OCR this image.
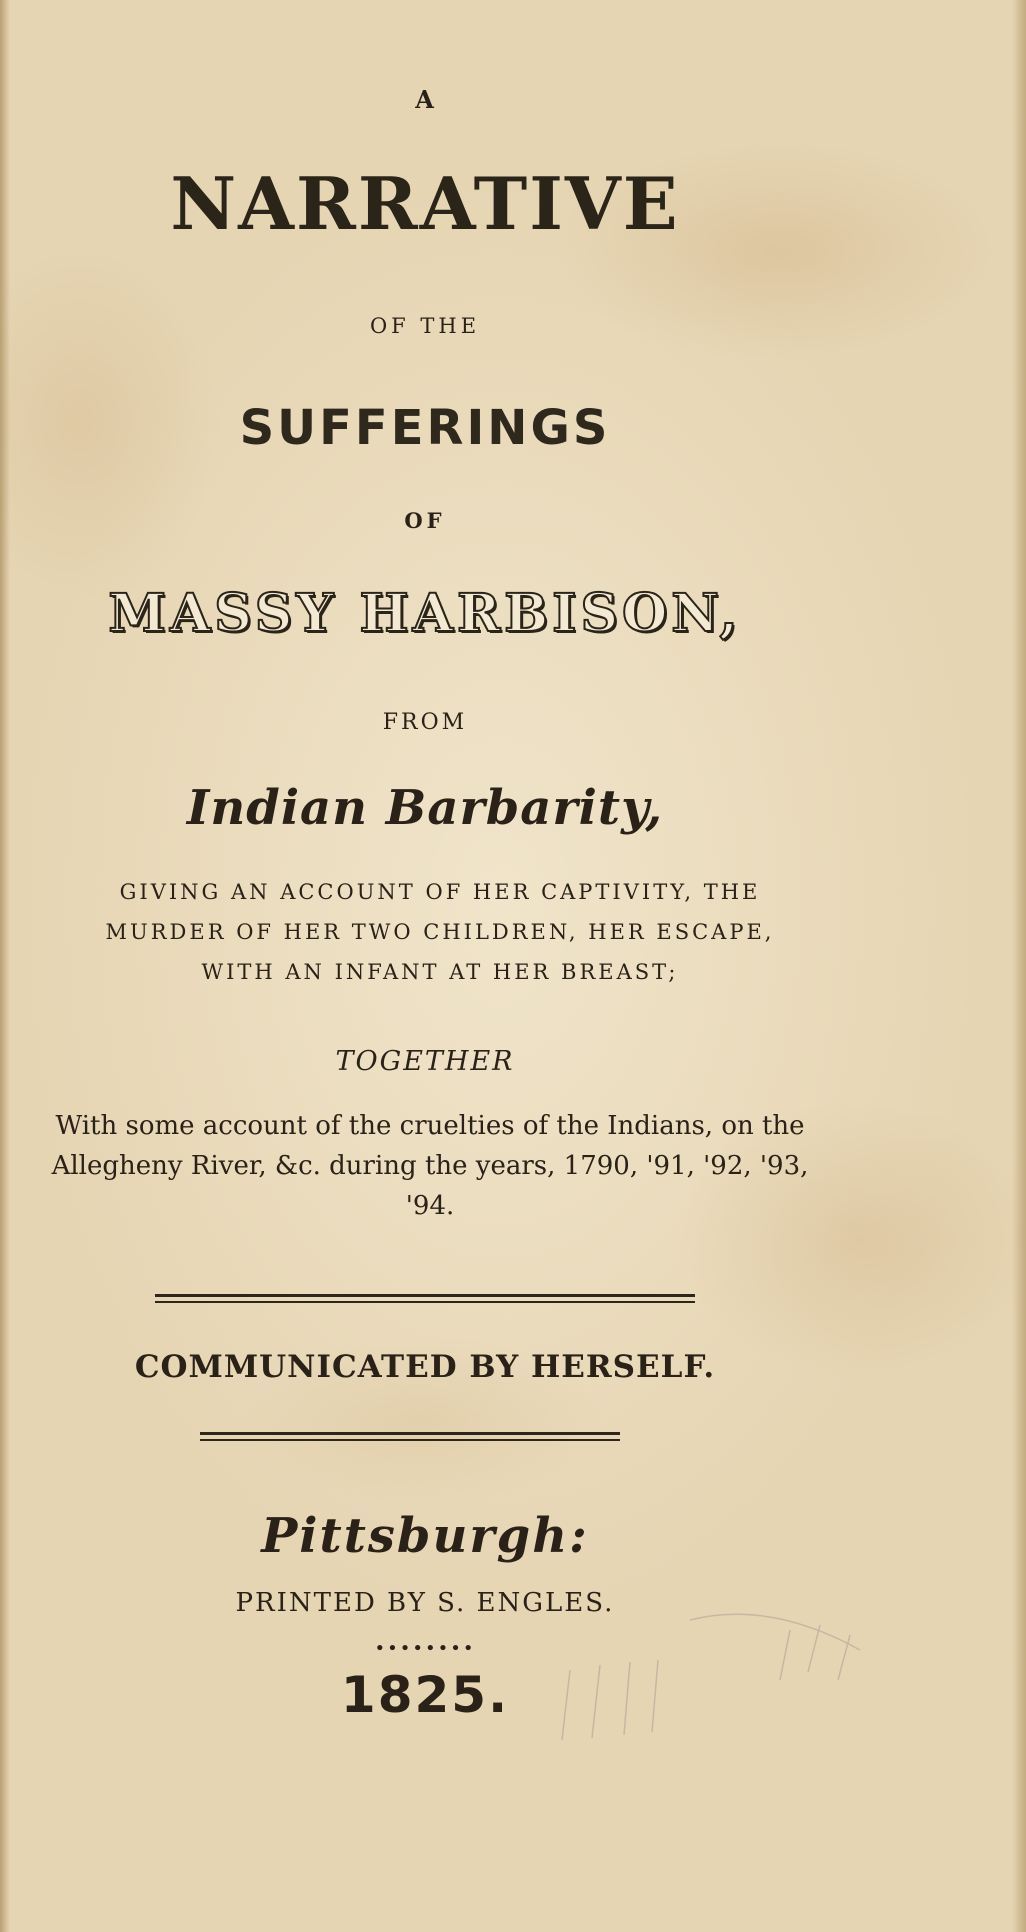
A
NARRATIVE
OF THE
SUFFERINGS
OF
MASSY HARBISON,
FROM
Indian Barbarity,
GIVING AN ACCOUNT OF HER CAPTIVITY, THE MURDER OF HER TWO CHILDREN, HER ESCAPE, WITH AN INFANT AT HER BREAST;
TOGETHER
With some account of the cruelties of the Indians, on the Allegheny River, &c. during the years, 1790, '91, '92, '93, '94.
COMMUNICATED BY HERSELF.
Pittsburgh:
PRINTED BY S. ENGLES.
••••••••
1825.
